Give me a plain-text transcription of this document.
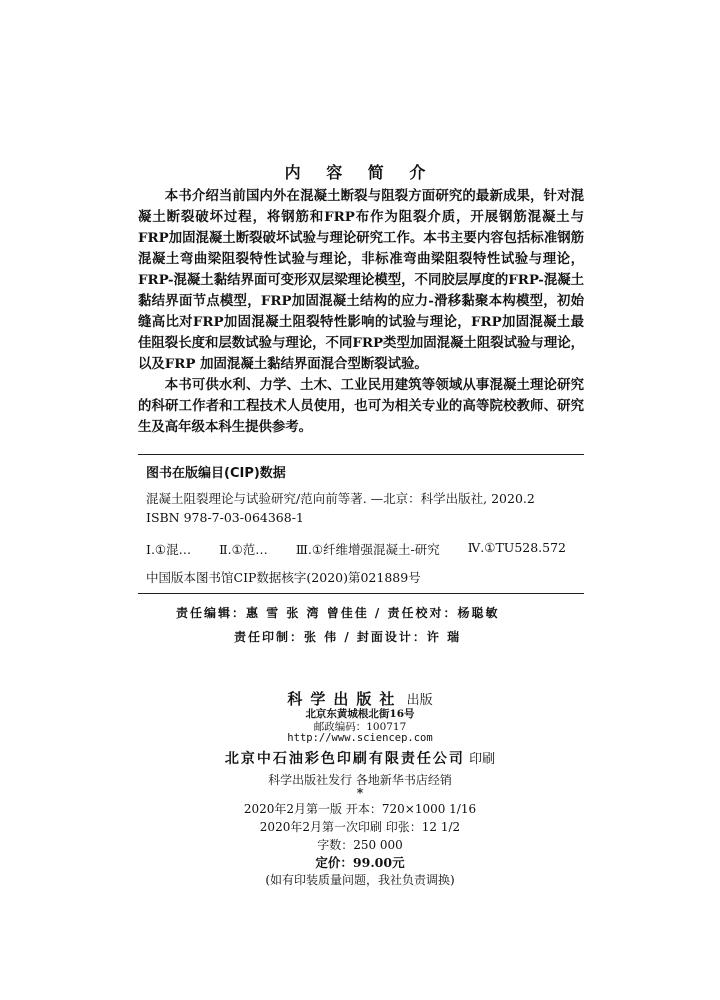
内 容 简 介

本书介绍当前国内外在混凝土断裂与阻裂方面研究的最新成果，针对混凝土断裂破坏过程，将钢筋和FRP布作为阻裂介质，开展钢筋混凝土与FRP加固混凝土断裂破坏试验与理论研究工作。本书主要内容包括标准钢筋混凝土弯曲梁阻裂特性试验与理论，非标准弯曲梁阻裂特性试验与理论，FRP-混凝土黏结界面可变形双层梁理论模型，不同胶层厚度的FRP-混凝土黏结界面节点模型，FRP加固混凝土结构的应力-滑移黏聚本构模型，初始缝高比对FRP加固混凝土阻裂特性影响的试验与理论，FRP加固混凝土最佳阻裂长度和层数试验与理论，不同FRP类型加固混凝土阻裂试验与理论，以及FRP 加固混凝土黏结界面混合型断裂试验。

本书可供水利、力学、土木、工业民用建筑等领域从事混凝土理论研究的科研工作者和工程技术人员使用，也可为相关专业的高等院校教师、研究生及高年级本科生提供参考。

图书在版编目(CIP)数据
混凝土阻裂理论与试验研究/范向前等著. —北京：科学出版社, 2020.2
ISBN 978-7-03-064368-1
Ⅰ.①混… Ⅱ.①范… Ⅲ.①纤维增强混凝土-研究 Ⅳ.①TU528.572
中国版本图书馆CIP数据核字(2020)第021889号
责任编辑：惠 雪 张 湾 曾佳佳 / 责任校对：杨聪敏
责任印制：张 伟 / 封面设计：许 瑞
科学出版社 出版
北京东黄城根北街16号
邮政编码：100717
http://www.sciencep.com
北京中石油彩色印刷有限责任公司 印刷
科学出版社发行 各地新华书店经销
*
2020年2月第一版 开本：720×1000 1/16
2020年2月第一次印刷 印张：12 1/2
字数：250 000
定价：99.00元
(如有印装质量问题，我社负责调换)
